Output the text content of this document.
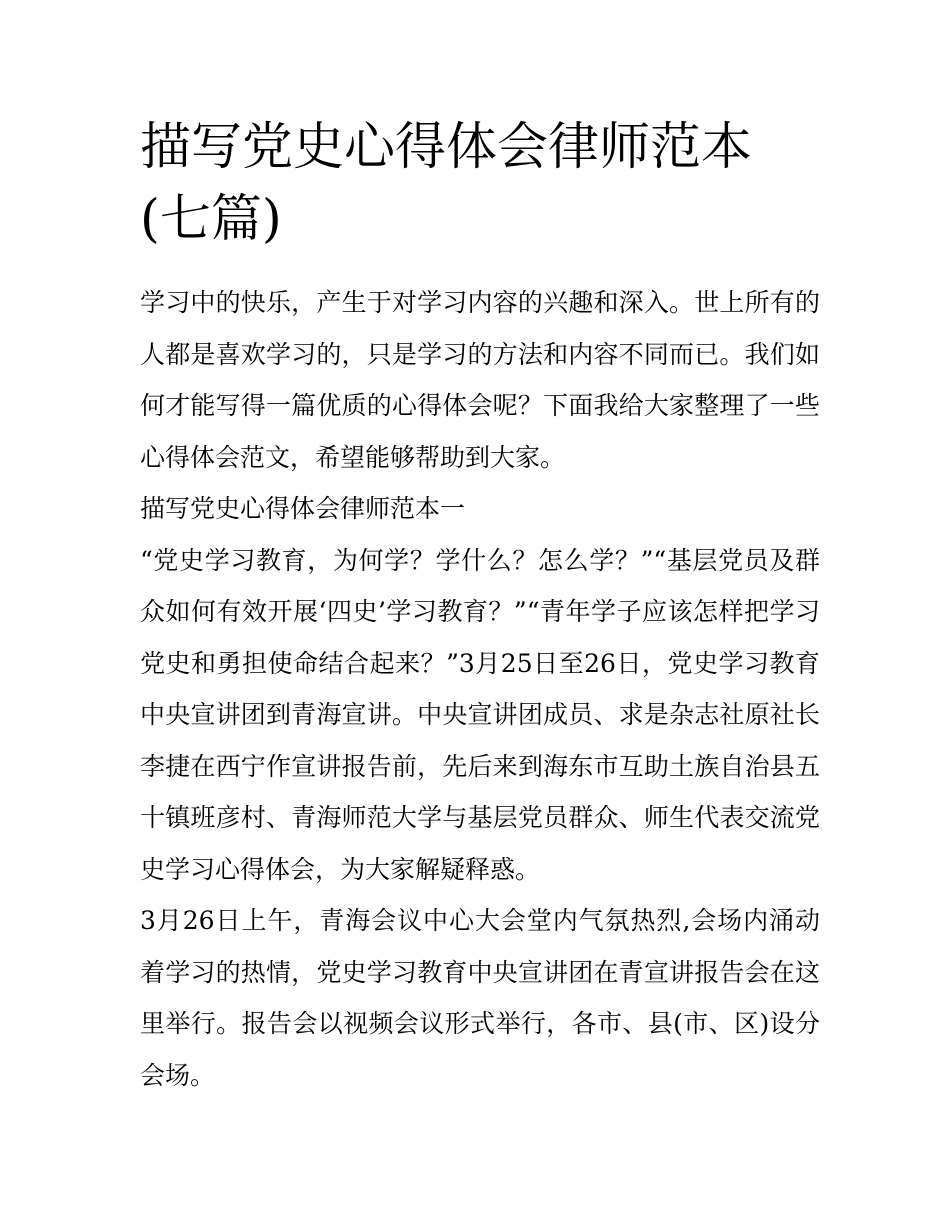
描写党史心得体会律师范本(七篇)

学习中的快乐，产生于对学习内容的兴趣和深入。世上所有的人都是喜欢学习的，只是学习的方法和内容不同而已。我们如何才能写得一篇优质的心得体会呢？下面我给大家整理了一些心得体会范文，希望能够帮助到大家。

描写党史心得体会律师范本一

“党史学习教育，为何学？学什么？怎么学？”“基层党员及群众如何有效开展‘四史’学习教育？”“青年学子应该怎样把学习党史和勇担使命结合起来？”3月25日至26日，党史学习教育中央宣讲团到青海宣讲。中央宣讲团成员、求是杂志社原社长李捷在西宁作宣讲报告前，先后来到海东市互助土族自治县五十镇班彦村、青海师范大学与基层党员群众、师生代表交流党史学习心得体会，为大家解疑释惑。

3月26日上午，青海会议中心大会堂内气氛热烈,会场内涌动着学习的热情，党史学习教育中央宣讲团在青宣讲报告会在这里举行。报告会以视频会议形式举行，各市、县(市、区)设分会场。
